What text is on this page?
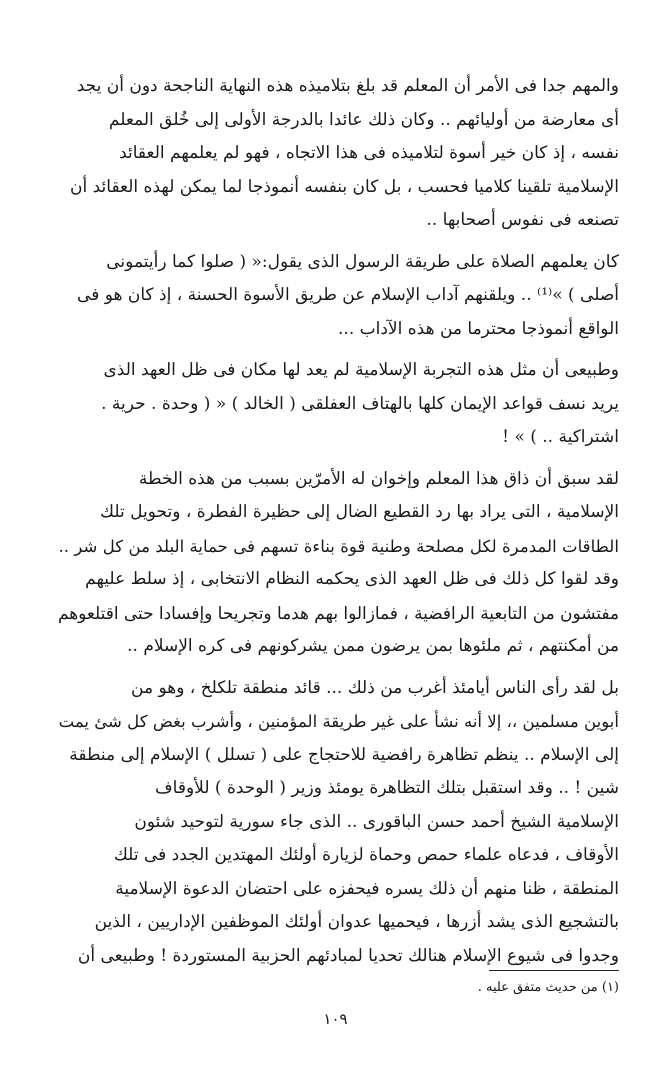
والمهم جدا فى الأمر أن المعلم قد بلغ بتلاميذه هذه النهاية الناجحة دون أن يجد
أى معارضة من أوليائهم .. وكان ذلك عائدا بالدرجة الأولى إلى خُلق المعلم
نفسه ، إذ كان خير أسوة لتلاميذه فى هذا الاتجاه ، فهو لم يعلمهم العقائد
الإسلامية تلقينا كلاميا فحسب ، بل كان بنفسه أنموذجا لما يمكن لهذه العقائد أن
تصنعه فى نفوس أصحابها ..

كان يعلمهم الصلاة على طريقة الرسول الذى يقول:« ( صلوا كما رأيتمونى
أصلى ) »⁽¹⁾ .. ويلقنهم آداب الإسلام عن طريق الأسوة الحسنة ، إذ كان هو فى
الواقع أنموذجا محترما من هذه الآداب ...

وطبيعى أن مثل هذه التجربة الإسلامية لم يعد لها مكان فى ظل العهد الذى
يريد نسف قواعد الإيمان كلها بالهتاف العفلقى ( الخالد ) « ( وحدة . حرية .
اشتراكية .. ) » !

لقد سبق أن ذاق هذا المعلم وإخوان له الأمرّين بسبب من هذه الخطة
الإسلامية ، التى يراد بها رد القطيع الضال إلى حظيرة الفطرة ، وتحويل تلك
الطاقات المدمرة لكل مصلحة وطنية قوة بناءة تسهم فى حماية البلد من كل شر ..
وقد لقوا كل ذلك فى ظل العهد الذى يحكمه النظام الانتخابى ، إذ سلط عليهم
مفتشون من التابعية الرافضية ، فمازالوا بهم هدما وتجريحا وإفسادا حتى اقتلعوهم
من أمكنتهم ، ثم ملئوها بمن يرضون ممن يشركونهم فى كره الإسلام ..

بل لقد رأى الناس أيامئذ أغرب من ذلك ... قائد منطقة تلكلخ ، وهو من
أبوين مسلمين ،، إلا أنه نشأ على غير طريقة المؤمنين ، وأشرب بغض كل شئ يمت
إلى الإسلام .. ينظم تظاهرة رافضية للاحتجاج على ( تسلل ) الإسلام إلى منطقة
شين ! .. وقد استقبل بتلك التظاهرة يومئذ وزير ( الوحدة ) للأوقاف
الإسلامية الشيخ أحمد حسن الباقورى .. الذى جاء سورية لتوحيد شئون
الأوقاف ، فدعاه علماء حمص وحماة لزيارة أولئك المهتدين الجدد فى تلك
المنطقة ، ظنا منهم أن ذلك يسره فيحفزه على احتضان الدعوة الإسلامية
بالتشجيع الذى يشد أزرها ، فيحميها عدوان أولئك الموظفين الإداريين ، الذين
وجدوا فى شيوع الإسلام هنالك تحديا لمبادئهم الحزبية المستوردة ! وطبيعى أن

(١) من حديث متفق عليه .
١٠٩
